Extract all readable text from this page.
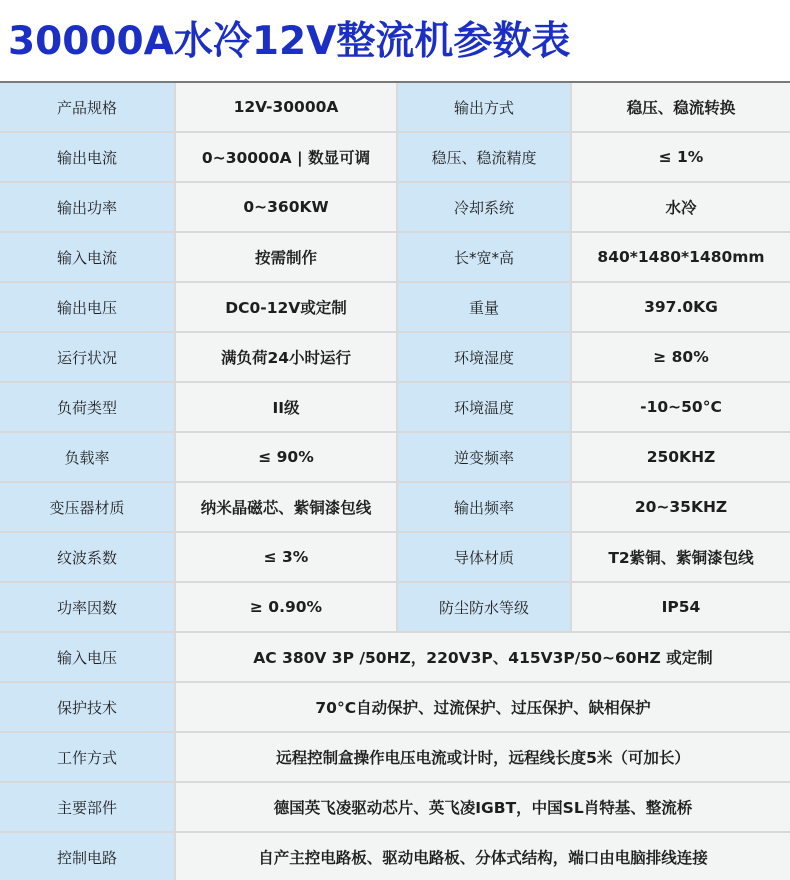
30000A水冷12V整流机参数表
产品规格	12V-30000A	输出方式	稳压、稳流转换
输出电流	0~30000A | 数显可调	稳压、稳流精度	≤ 1%
输出功率	0~360KW	冷却系统	水冷
输入电流	按需制作	长*宽*高	840*1480*1480mm
输出电压	DC0-12V或定制	重量	397.0KG
运行状况	满负荷24小时运行	环境湿度	≥ 80%
负荷类型	II级	环境温度	-10~50°C
负载率	≤ 90%	逆变频率	250KHZ
变压器材质	纳米晶磁芯、紫铜漆包线	输出频率	20~35KHZ
纹波系数	≤ 3%	导体材质	T2紫铜、紫铜漆包线
功率因数	≥ 0.90%	防尘防水等级	IP54
输入电压	AC 380V 3P /50HZ，220V3P、415V3P/50~60HZ 或定制
保护技术	70°C自动保护、过流保护、过压保护、缺相保护
工作方式	远程控制盒操作电压电流或计时，远程线长度5米（可加长）
主要部件	德国英飞凌驱动芯片、英飞凌IGBT，中国SL肖特基、整流桥
控制电路	自产主控电路板、驱动电路板、分体式结构，端口由电脑排线连接
